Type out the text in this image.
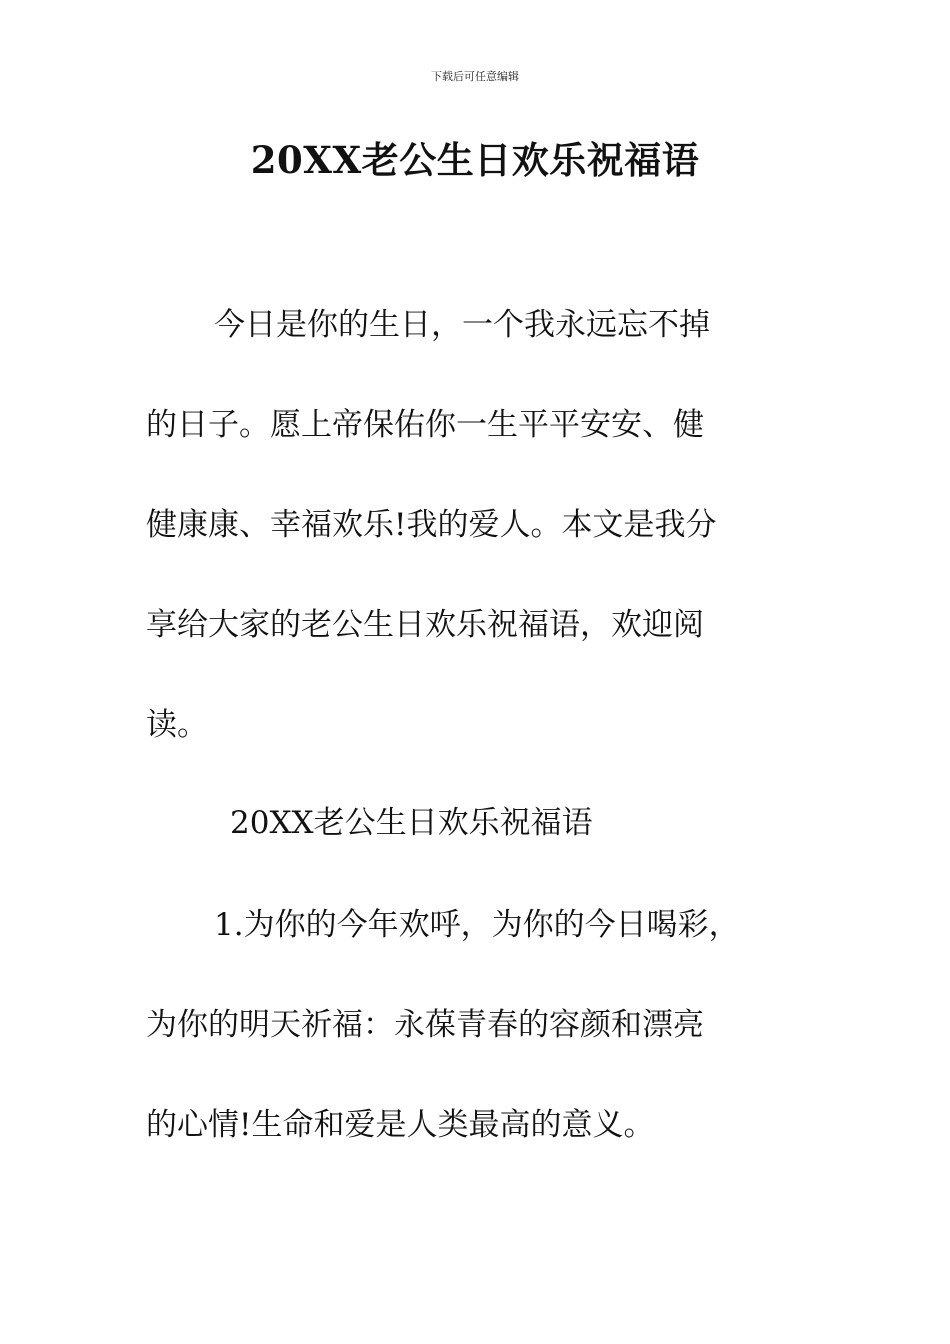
下载后可任意编辑
20XX老公生日欢乐祝福语
今日是你的生日，一个我永远忘不掉
的日子。愿上帝保佑你一生平平安安、健
健康康、幸福欢乐!我的爱人。本文是我分
享给大家的老公生日欢乐祝福语，欢迎阅
读。
20XX老公生日欢乐祝福语
1.为你的今年欢呼，为你的今日喝彩，
为你的明天祈福：永葆青春的容颜和漂亮
的心情!生命和爱是人类最高的意义。
